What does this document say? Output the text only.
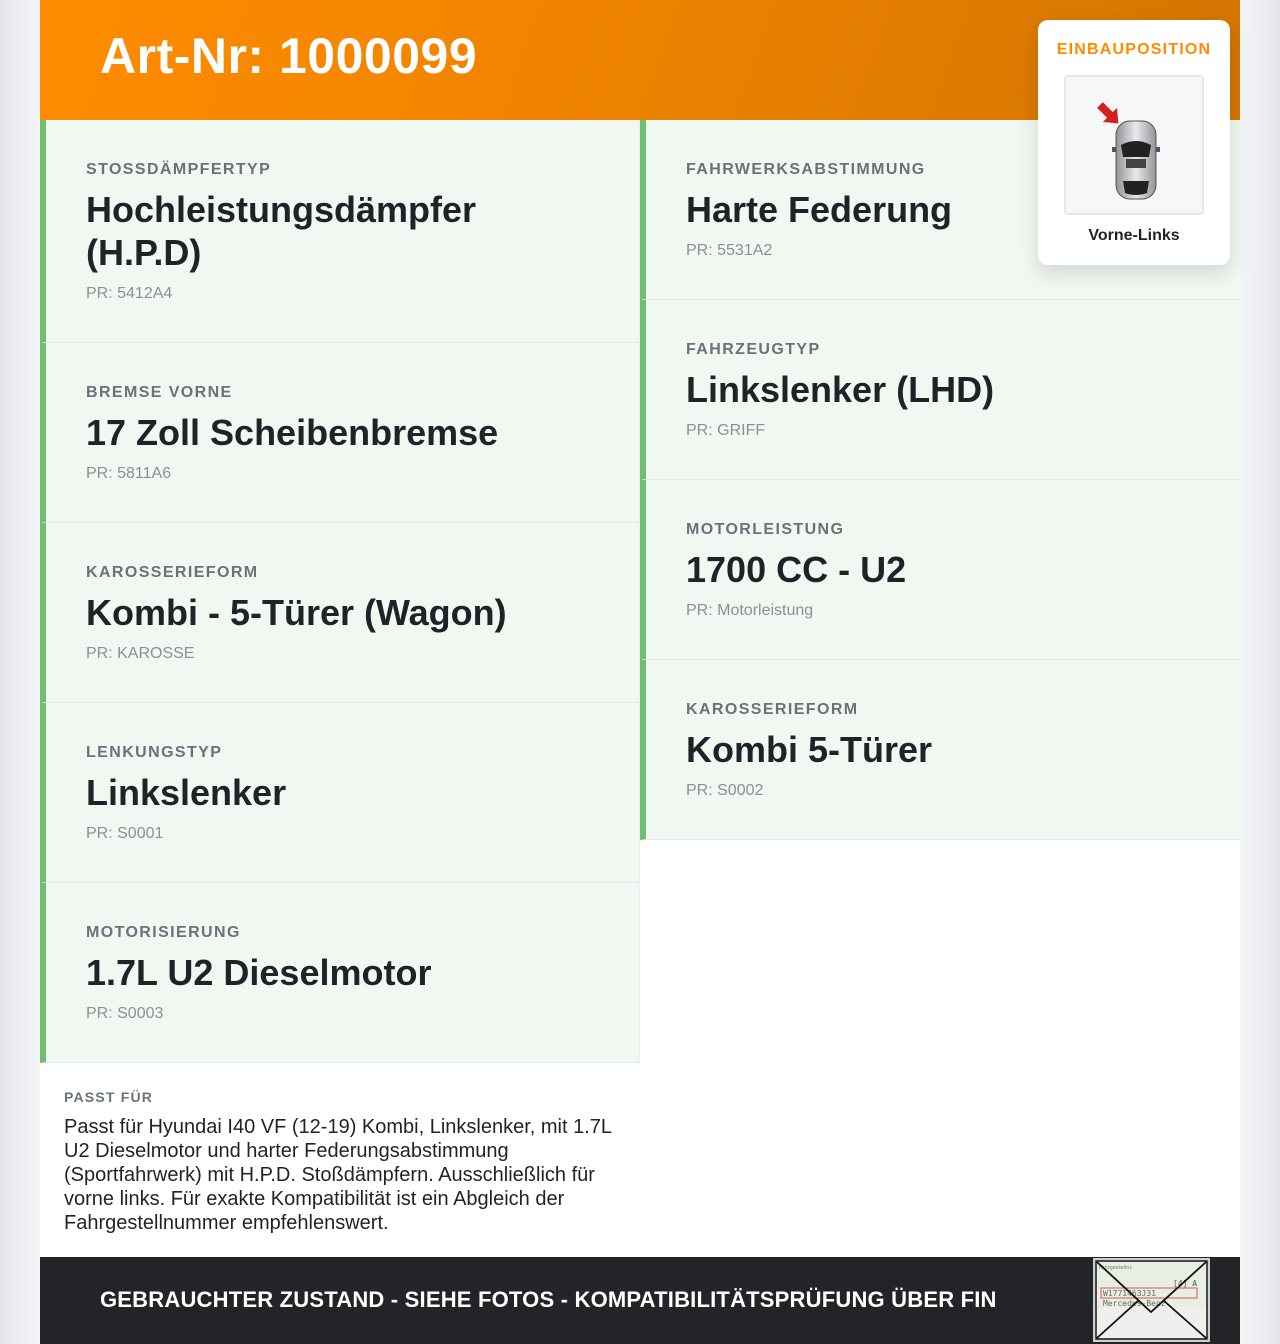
Art-Nr: 1000099
STOSSDÄMPFERTYP
Hochleistungsdämpfer (H.P.D)
PR: 5412A4
BREMSE VORNE
17 Zoll Scheibenbremse
PR: 5811A6
KAROSSERIEFORM
Kombi - 5-Türer (Wagon)
PR: KAROSSE
LENKUNGSTYP
Linkslenker
PR: S0001
MOTORISIERUNG
1.7L U2 Dieselmotor
PR: S0003
FAHRWERKSABSTIMMUNG
Harte Federung
PR: 5531A2
FAHRZEUGTYP
Linkslenker (LHD)
PR: GRIFF
MOTORLEISTUNG
1700 CC - U2
PR: Motorleistung
KAROSSERIEFORM
Kombi 5-Türer
PR: S0002
PASST FÜR
Passt für Hyundai I40 VF (12-19) Kombi, Linkslenker, mit 1.7L U2 Dieselmotor und harter Federungsabstimmung (Sportfahrwerk) mit H.P.D. Stoßdämpfern. Ausschließlich für vorne links. Für exakte Kompatibilität ist ein Abgleich der Fahrgestellnummer empfehlenswert.
GEBRAUCHTER ZUSTAND - SIEHE FOTOS - KOMPATIBILITÄTSPRÜFUNG ÜBER FIN
Fahrgestellnr.
[4] A
W1771463J31
Mercedes-Benz
EINBAUPOSITION
Vorne-Links
